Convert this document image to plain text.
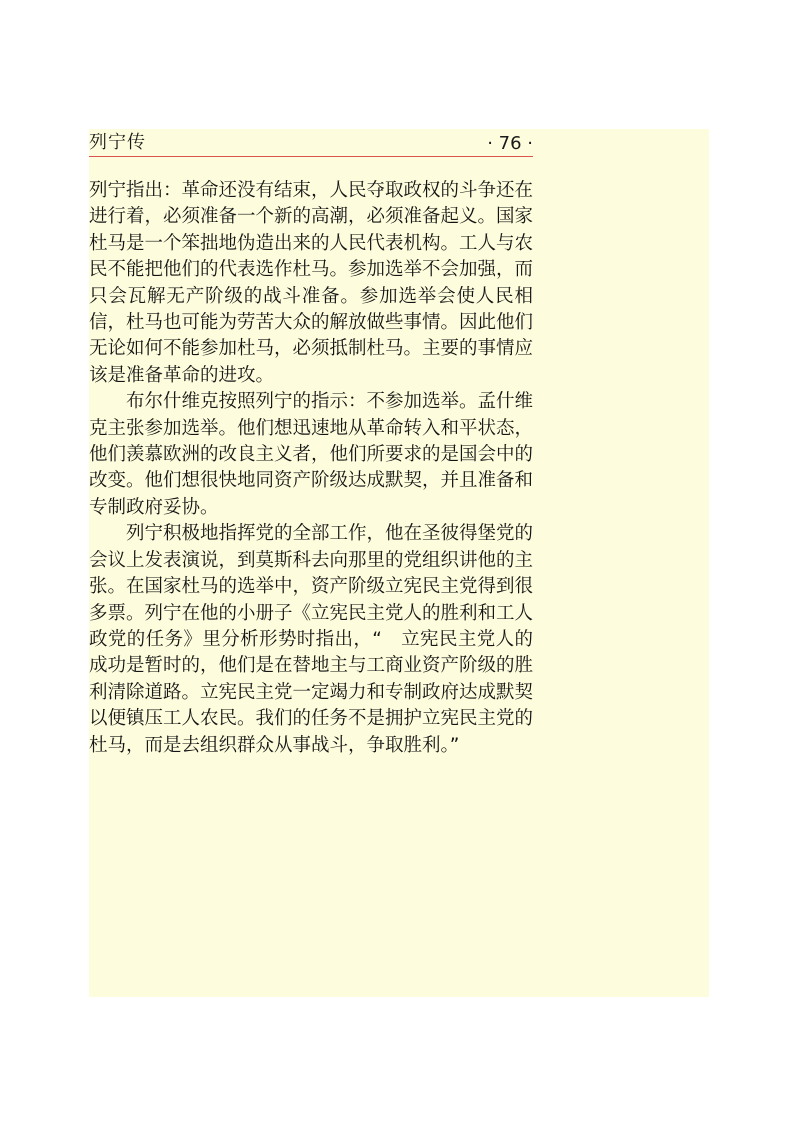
列宁传	· 76 ·

列宁指出：革命还没有结束，人民夺取政权的斗争还在进行着，必须准备一个新的高潮，必须准备起义。国家杜马是一个笨拙地伪造出来的人民代表机构。工人与农民不能把他们的代表选作杜马。参加选举不会加强，而只会瓦解无产阶级的战斗准备。参加选举会使人民相信，杜马也可能为劳苦大众的解放做些事情。因此他们无论如何不能参加杜马，必须抵制杜马。主要的事情应该是准备革命的进攻。

布尔什维克按照列宁的指示：不参加选举。孟什维克主张参加选举。他们想迅速地从革命转入和平状态，他们羡慕欧洲的改良主义者，他们所要求的是国会中的改变。他们想很快地同资产阶级达成默契，并且准备和专制政府妥协。

列宁积极地指挥党的全部工作，他在圣彼得堡党的会议上发表演说，到莫斯科去向那里的党组织讲他的主张。在国家杜马的选举中，资产阶级立宪民主党得到很多票。列宁在他的小册子《立宪民主党人的胜利和工人政党的任务》里分析形势时指出，“　立宪民主党人的成功是暂时的，他们是在替地主与工商业资产阶级的胜利清除道路。立宪民主党一定竭力和专制政府达成默契以便镇压工人农民。我们的任务不是拥护立宪民主党的杜马，而是去组织群众从事战斗，争取胜利。”
